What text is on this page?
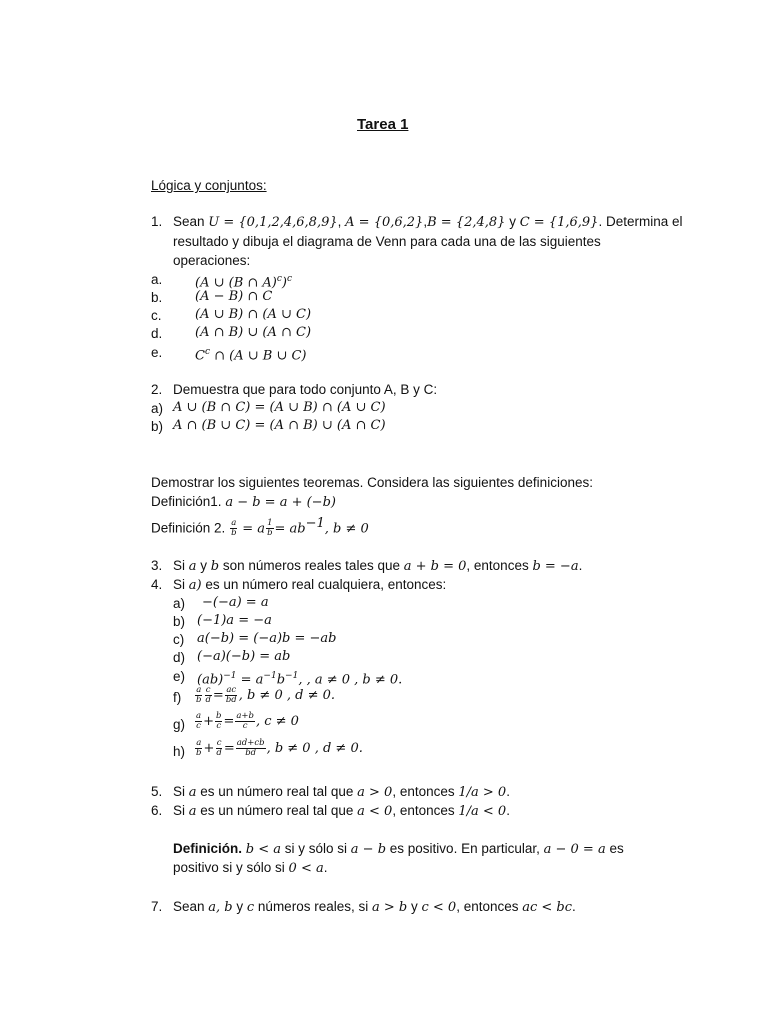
Tarea 1
Lógica y conjuntos:
1. Sean U = {0,1,2,4,6,8,9}, A = {0,6,2},B = {2,4,8} y C = {1,6,9}. Determina el
resultado y dibuja el diagrama de Venn para cada una de las siguientes
operaciones:
a.	(A ∪ (B ∩ A)$^c$)$^c$
b.	(A − B) ∩ C
c.	(A ∪ B) ∩ (A ∪ C)
d.	(A ∩ B) ∪ (A ∩ C)
e.	$C^c$ ∩ (A ∪ B ∪ C)
2. Demuestra que para todo conjunto A, B y C:
a) A ∪ (B ∩ C) = (A ∪ B) ∩ (A ∪ C)
b) A ∩ (B ∪ C) = (A ∩ B) ∪ (A ∩ C)
Demostrar los siguientes teoremas. Considera las siguientes definiciones:
Definición1. a − b = a + (−b)
Definición 2. $\frac{a}{b} = a \frac{1}{b} = ab^{-1}$, b ≠ 0
3. Si a y b son números reales tales que a + b = 0, entonces b = −a.
4. Si a) es un número real cualquiera, entonces:
a) −(−a) = a
b) (−1)a = −a
c) a(−b) = (−a)b = −ab
d) (−a)(−b) = ab
e) $(ab)^{-1} = a^{-1}b^{-1}$, , a ≠ 0 , b ≠ 0.
$f) \frac{a}{b} \frac{c}{d} = \frac{ac}{bd}$ , b ≠ 0 , d ≠ 0.
$g) \frac{a}{c} + \frac{b}{c} = \frac{a+b}{c}$ , c ≠ 0
$h) \frac{a}{b} + \frac{c}{d} = \frac{ad+cb}{bd}$ , b ≠ 0 , d ≠ 0.
5. Si a es un número real tal que a > 0, entonces 1/a > 0.
6. Si a es un número real tal que a < 0, entonces 1/a < 0.
Definición. b < a si y sólo si a − b es positivo. En particular, a − 0 = a es
positivo si y sólo si 0 < a.
7. Sean a, b y c números reales, si a > b y c < 0, entonces ac < bc.
